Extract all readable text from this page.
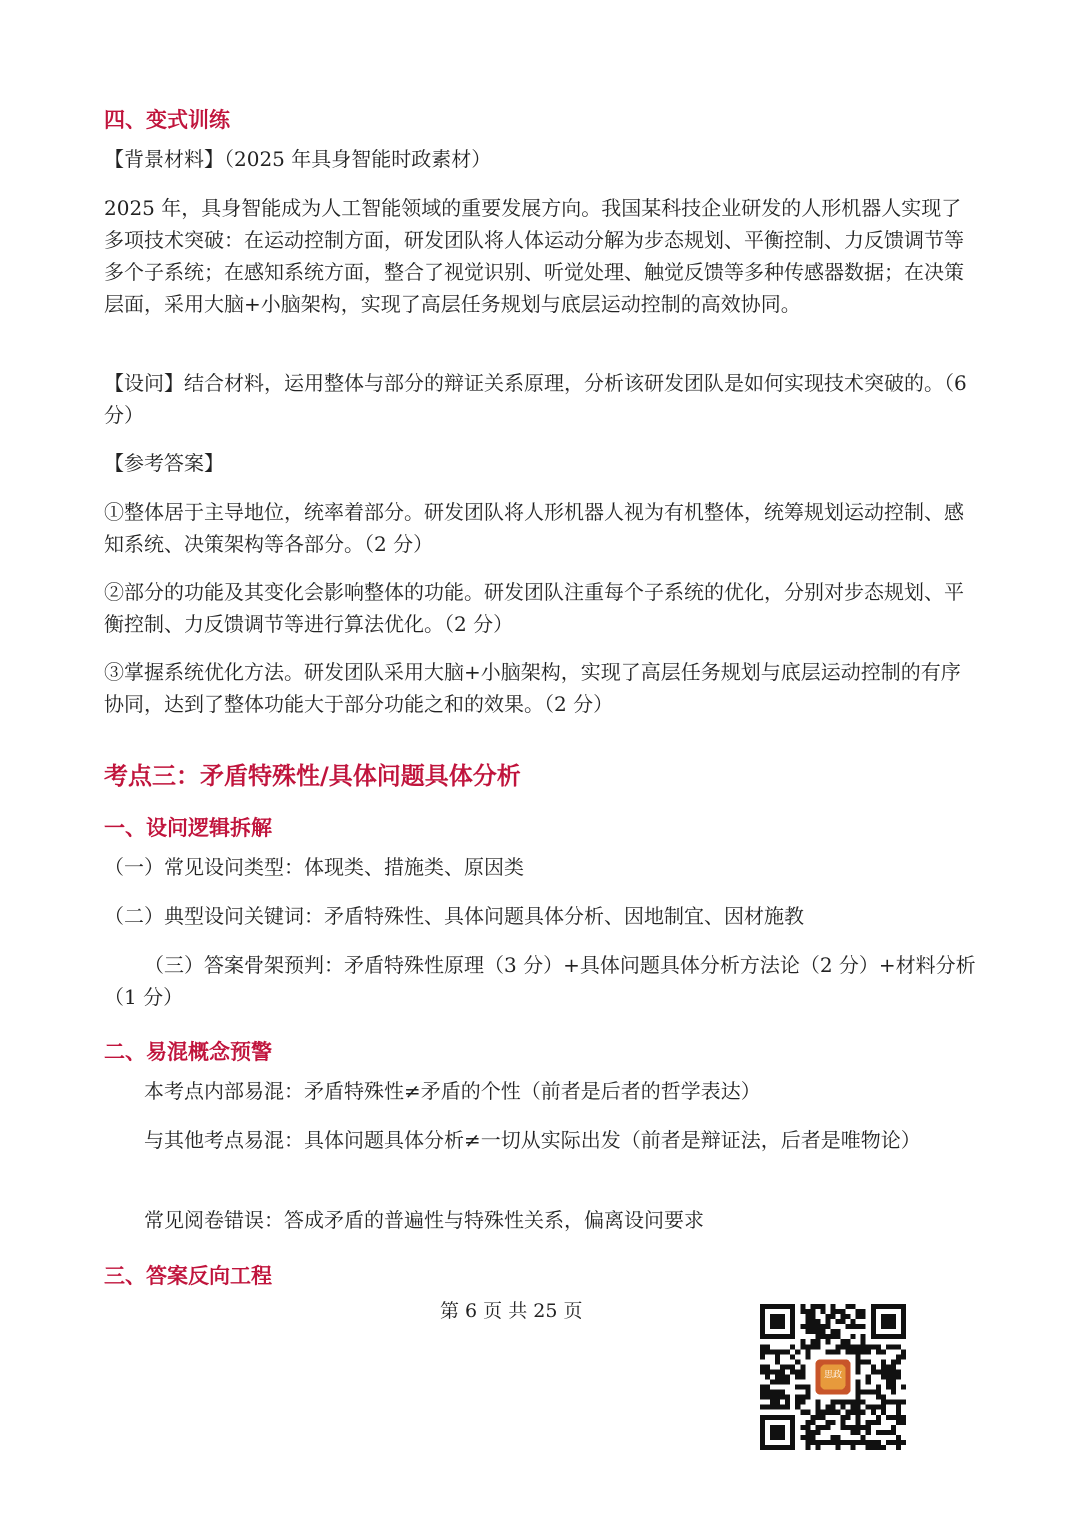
四、变式训练
【背景材料】（2025 年具身智能时政素材）
2025 年，具身智能成为人工智能领域的重要发展方向。我国某科技企业研发的人形机器人实现了多项技术突破：在运动控制方面，研发团队将人体运动分解为步态规划、平衡控制、力反馈调节等多个子系统；在感知系统方面，整合了视觉识别、听觉处理、触觉反馈等多种传感器数据；在决策层面，采用大脑+小脑架构，实现了高层任务规划与底层运动控制的高效协同。
【设问】结合材料，运用整体与部分的辩证关系原理，分析该研发团队是如何实现技术突破的。（6 分）
【参考答案】
①整体居于主导地位，统率着部分。研发团队将人形机器人视为有机整体，统筹规划运动控制、感知系统、决策架构等各部分。（2 分）
②部分的功能及其变化会影响整体的功能。研发团队注重每个子系统的优化，分别对步态规划、平衡控制、力反馈调节等进行算法优化。（2 分）
③掌握系统优化方法。研发团队采用大脑+小脑架构，实现了高层任务规划与底层运动控制的有序协同，达到了整体功能大于部分功能之和的效果。（2 分）
考点三：矛盾特殊性/具体问题具体分析
一、设问逻辑拆解
（一）常见设问类型：体现类、措施类、原因类
（二）典型设问关键词：矛盾特殊性、具体问题具体分析、因地制宜、因材施教
（三）答案骨架预判：矛盾特殊性原理（3 分）+具体问题具体分析方法论（2 分）+材料分析（1 分）
二、易混概念预警
本考点内部易混：矛盾特殊性≠矛盾的个性（前者是后者的哲学表达）
与其他考点易混：具体问题具体分析≠一切从实际出发（前者是辩证法，后者是唯物论）
常见阅卷错误：答成矛盾的普遍性与特殊性关系，偏离设问要求
三、答案反向工程
第 6 页 共 25 页
思政
